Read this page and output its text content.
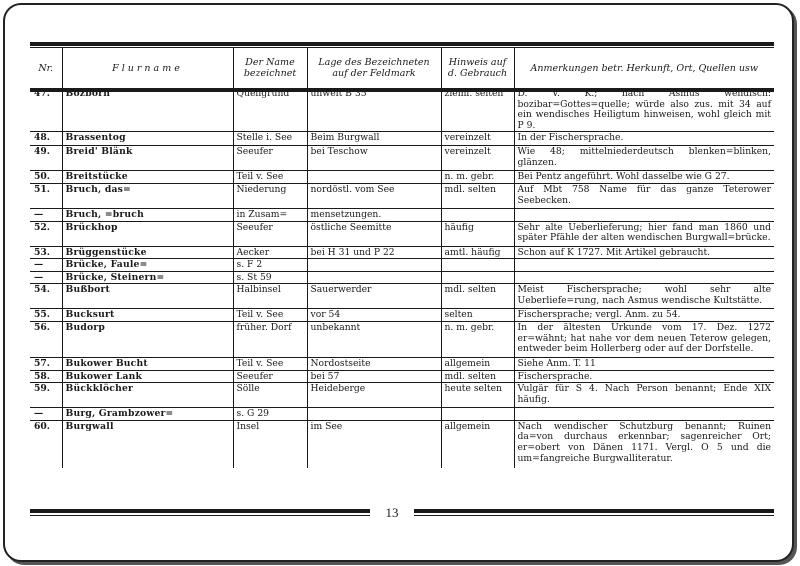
Nr.	Flurname	Der Name bezeichnet	Lage des Bezeichneten auf der Feldmark	Hinweis auf d. Gebrauch	Anmerkungen betr. Herkunft, Ort, Quellen usw
47.	Bozborn	Quellgrund	unweit B 35	zieml. selten	D. V. K.; nach Asmus wendisch: bozibar=Gottes=quelle; würde also zus. mit 34 auf ein wendisches Heiligtum hinweisen, wohl gleich mit P 9.
48.	Brassentog	Stelle i. See	Beim Burgwall	vereinzelt	In der Fischersprache.
49.	Breid' Blänk	Seeufer	bei Teschow	vereinzelt	Wie 48; mittelniederdeutsch blenken=blinken, glänzen.
50.	Breitstücke	Teil v. See		n. m. gebr.	Bei Pentz angeführt. Wohl dasselbe wie G 27.
51.	Bruch, das=	Niederung	nordöstl. vom See	mdl. selten	Auf Mbt 758 Name für das ganze Teterower Seebecken.
—	Bruch, =bruch	in Zusam=	mensetzungen.		
52.	Brückhop	Seeufer	östliche Seemitte	häufig	Sehr alte Ueberlieferung; hier fand man 1860 und später Pfähle der alten wendischen Burgwall=brücke.
53.	Brüggenstücke	Aecker	bei H 31 und P 22	amtl. häufig	Schon auf K 1727. Mit Artikel gebraucht.
—	Brücke, Faule=	s. F 2			
—	Brücke, Steinern=	s. St 59			
54.	Bußbort	Halbinsel	Sauerwerder	mdl. selten	Meist Fischersprache; wohl sehr alte Ueberliefe=rung, nach Asmus wendische Kultstätte.
55.	Bucksurt	Teil v. See	vor 54	selten	Fischersprache; vergl. Anm. zu 54.
56.	Budorp	früher. Dorf	unbekannt	n. m. gebr.	In der ältesten Urkunde vom 17. Dez. 1272 er=wähnt; hat nahe vor dem neuen Teterow gelegen, entweder beim Hollerberg oder auf der Dorfstelle.
57.	Bukower Bucht	Teil v. See	Nordostseite	allgemein	Siehe Anm. T. 11
58.	Bukower Lank	Seeufer	bei 57	mdl. selten	Fischersprache.
59.	Bückklöcher	Sölle	Heideberge	heute selten	Vulgär für S 4. Nach Person benannt; Ende XIX häufig.
—	Burg, Grambzower=	s. G 29			
60.	Burgwall	Insel	im See	allgemein	Nach wendischer Schutzburg benannt; Ruinen da=von durchaus erkennbar; sagenreicher Ort; er=obert von Dänen 1171. Vergl. O 5 und die um=fangreiche Burgwalliteratur.
13
